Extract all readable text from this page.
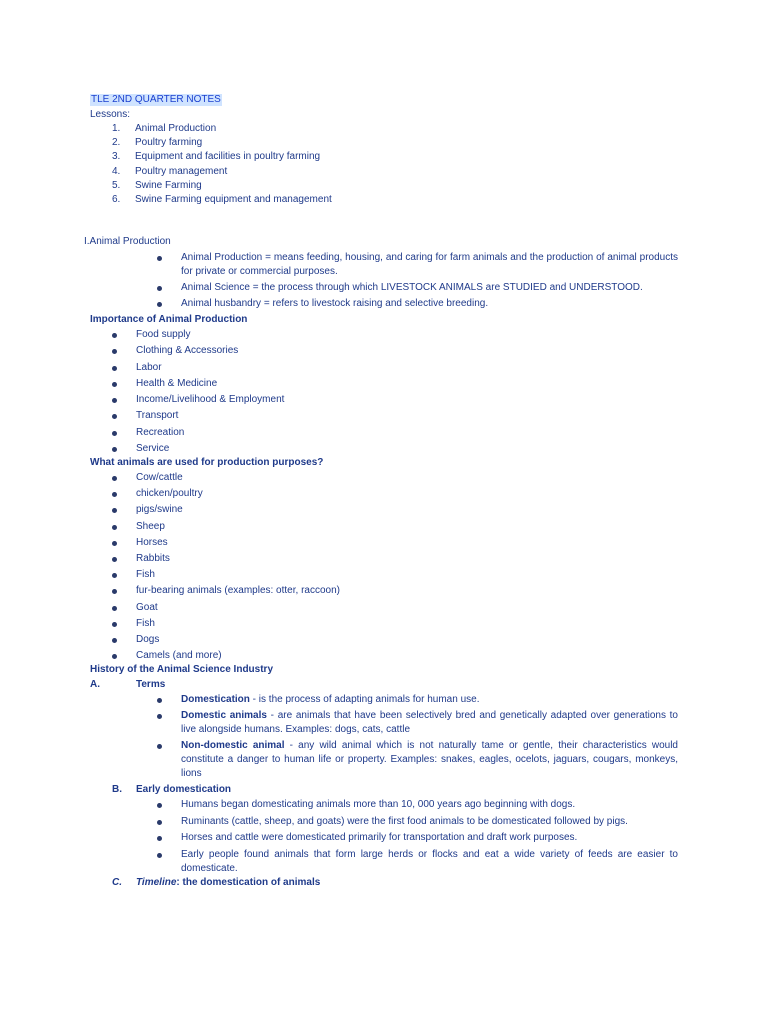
TLE 2ND QUARTER NOTES
Lessons:
1.	Animal Production
2.	Poultry farming
3.	Equipment and facilities in poultry farming
4.	Poultry management
5.	Swine Farming
6.	Swine Farming equipment and management
I.Animal Production
Animal Production = means feeding, housing, and caring for farm animals and the production of animal products for private or commercial purposes.
Animal Science = the process through which LIVESTOCK ANIMALS are STUDIED and UNDERSTOOD.
Animal husbandry = refers to livestock raising and selective breeding.
Importance of Animal Production
Food supply
Clothing & Accessories
Labor
Health & Medicine
Income/Livelihood & Employment
Transport
Recreation
Service
What animals are used for production purposes?
Cow/cattle
chicken/poultry
pigs/swine
Sheep
Horses
Rabbits
Fish
fur-bearing animals (examples: otter, raccoon)
Goat
Fish
Dogs
Camels (and more)
History of the Animal Science Industry
A.	Terms
Domestication - is the process of adapting animals for human use.
Domestic animals - are animals that have been selectively bred and genetically adapted over generations to live alongside humans. Examples: dogs, cats, cattle
Non-domestic animal - any wild animal which is not naturally tame or gentle, their characteristics would constitute a danger to human life or property. Examples: snakes, eagles, ocelots, jaguars, cougars, monkeys, lions
B. Early domestication
Humans began domesticating animals more than 10, 000 years ago beginning with dogs.
Ruminants (cattle, sheep, and goats) were the first food animals to be domesticated followed by pigs.
Horses and cattle were domesticated primarily for transportation and draft work purposes.
Early people found animals that form large herds or flocks and eat a wide variety of feeds are easier to domesticate.
C. Timeline: the domestication of animals
